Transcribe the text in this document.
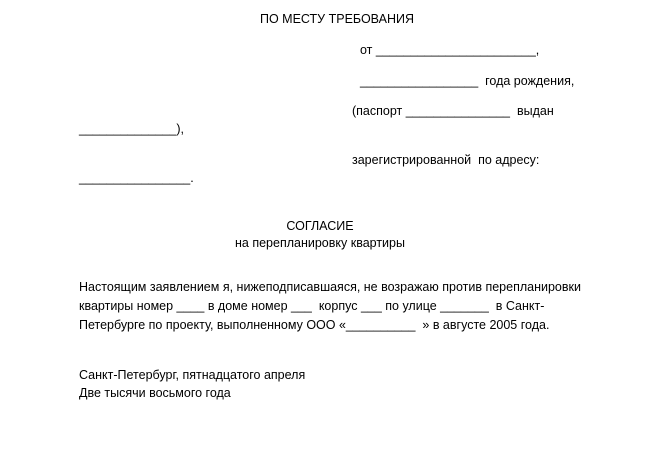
ПО МЕСТУ ТРЕБОВАНИЯ
от _______________________,
_________________  года рождения,
(паспорт _______________  выдан
______________),
зарегистрированной  по адресу:
________________.
СОГЛАСИЕ
на перепланировку квартиры
Настоящим заявлением я, нижеподписавшаяся, не возражаю против перепланировки
квартиры номер ____ в доме номер ___  корпус ___ по улице _______  в Санкт-
Петербурге по проекту, выполненному ООО «__________  » в августе 2005 года.
Санкт-Петербург, пятнадцатого апреля
Две тысячи восьмого года
